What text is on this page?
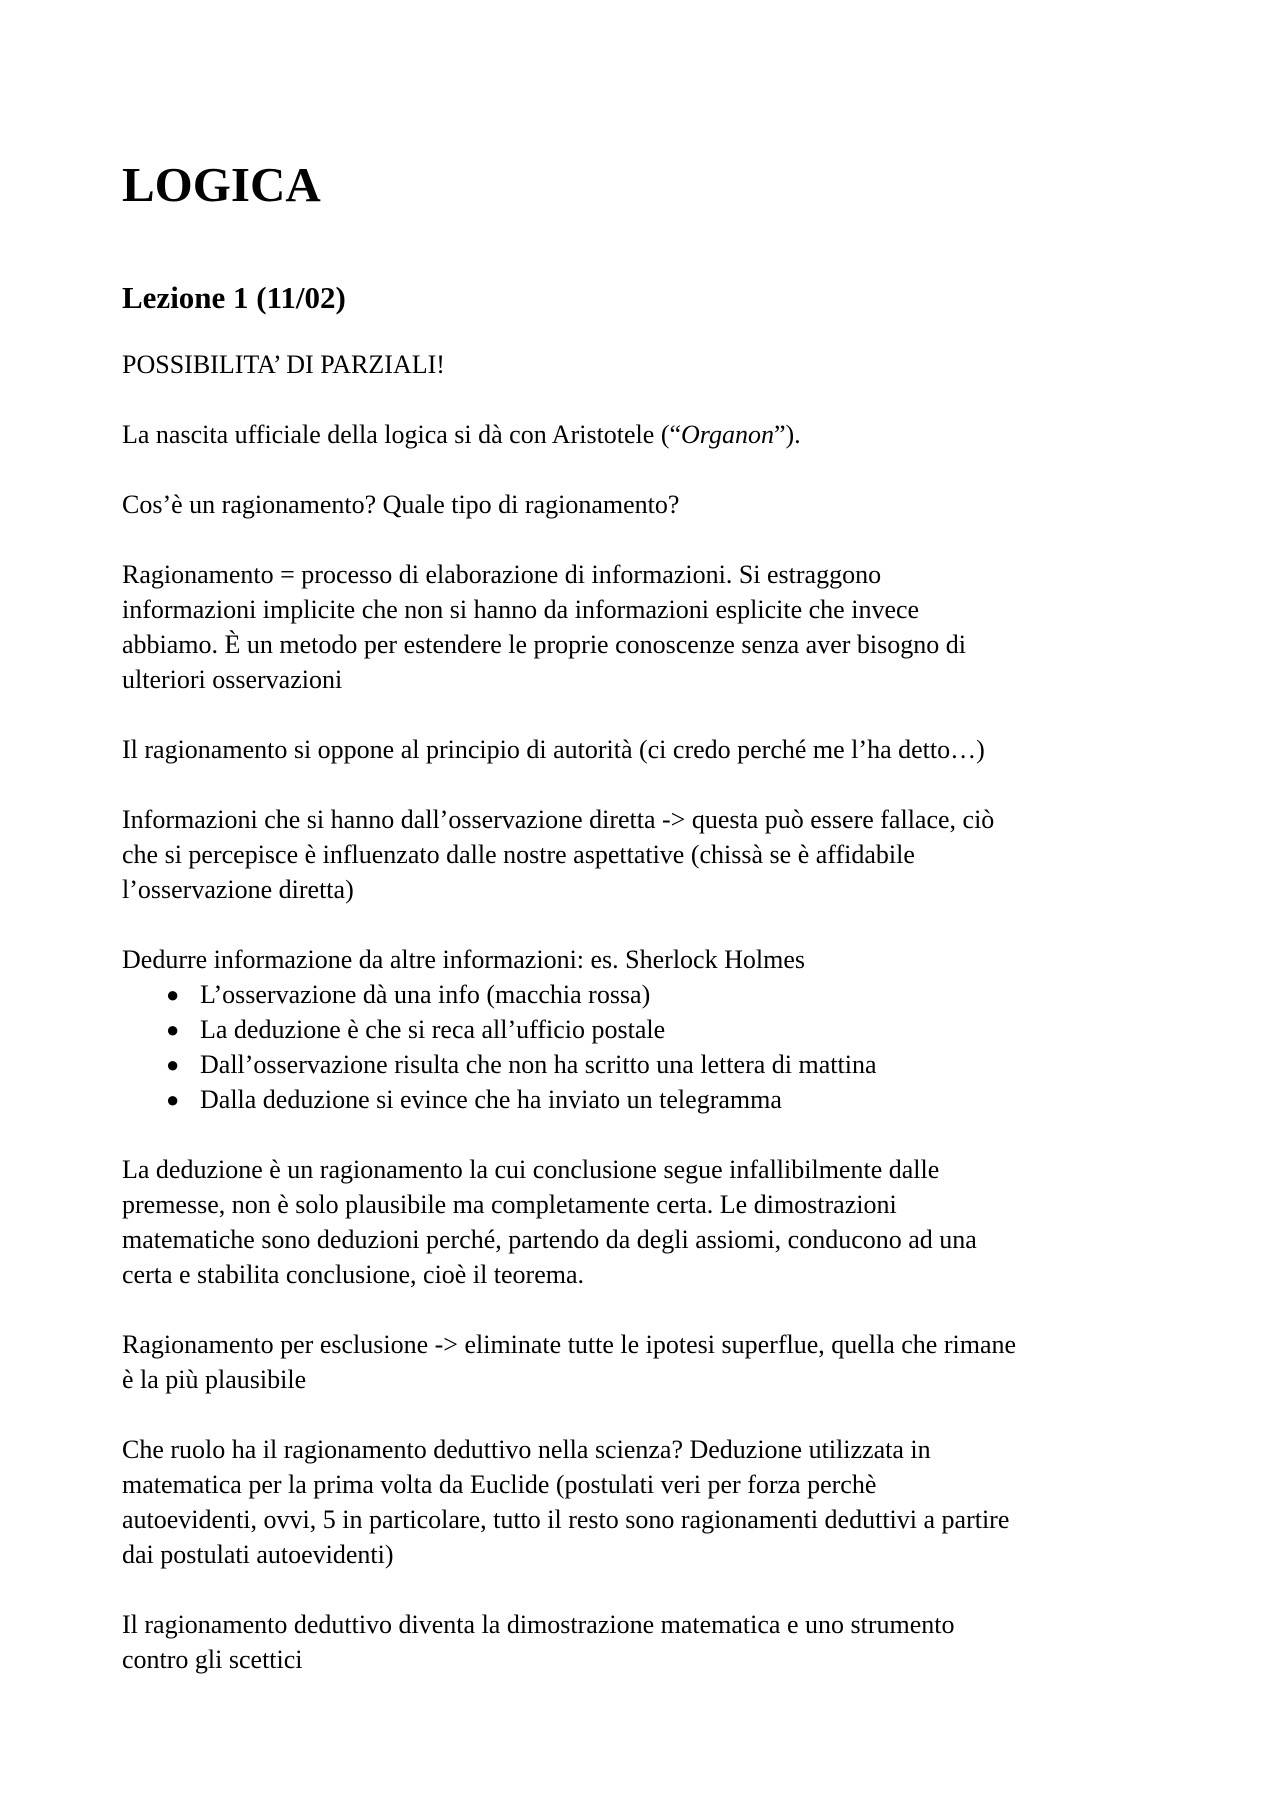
LOGICA
Lezione 1 (11/02)

POSSIBILITA’ DI PARZIALI!

La nascita ufficiale della logica si dà con Aristotele (“Organon”).

Cos’è un ragionamento? Quale tipo di ragionamento?

Ragionamento = processo di elaborazione di informazioni. Si estraggono
informazioni implicite che non si hanno da informazioni esplicite che invece
abbiamo. È un metodo per estendere le proprie conoscenze senza aver bisogno di
ulteriori osservazioni

Il ragionamento si oppone al principio di autorità (ci credo perché me l’ha detto…)

Informazioni che si hanno dall’osservazione diretta -> questa può essere fallace, ciò
che si percepisce è influenzato dalle nostre aspettative (chissà se è affidabile
l’osservazione diretta)

Dedurre informazione da altre informazioni: es. Sherlock Holmes

● L’osservazione dà una info (macchia rossa)
● La deduzione è che si reca all’ufficio postale
● Dall’osservazione risulta che non ha scritto una lettera di mattina
● Dalla deduzione si evince che ha inviato un telegramma

La deduzione è un ragionamento la cui conclusione segue infallibilmente dalle
premesse, non è solo plausibile ma completamente certa. Le dimostrazioni
matematiche sono deduzioni perché, partendo da degli assiomi, conducono ad una
certa e stabilita conclusione, cioè il teorema.

Ragionamento per esclusione -> eliminate tutte le ipotesi superflue, quella che rimane
è la più plausibile

Che ruolo ha il ragionamento deduttivo nella scienza? Deduzione utilizzata in
matematica per la prima volta da Euclide (postulati veri per forza perchè
autoevidenti, ovvi, 5 in particolare, tutto il resto sono ragionamenti deduttivi a partire
dai postulati autoevidenti)

Il ragionamento deduttivo diventa la dimostrazione matematica e uno strumento
contro gli scettici
